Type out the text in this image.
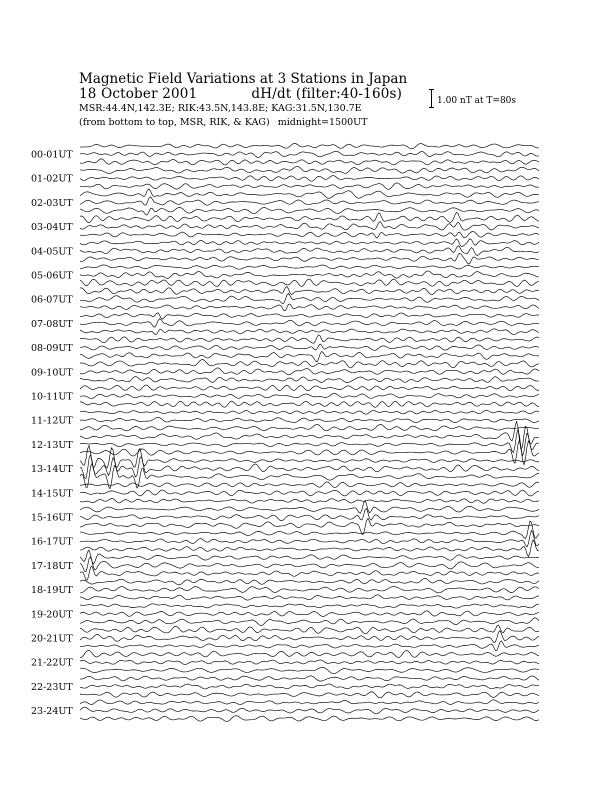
Magnetic Field Variations at 3 Stations in Japan
18 October 2001	dH/dt (filter:40-160s)
MSR:44.4N,142.3E; RIK:43.5N,143.8E; KAG:31.5N,130.7E
(from bottom to top, MSR, RIK, & KAG) midnight=1500UT
1.00 nT at T=80s
00-01UT
01-02UT
02-03UT
03-04UT
04-05UT
05-06UT
06-07UT
07-08UT
08-09UT
09-10UT
10-11UT
11-12UT
12-13UT
13-14UT
14-15UT
15-16UT
16-17UT
17-18UT
18-19UT
19-20UT
20-21UT
21-22UT
22-23UT
23-24UT
